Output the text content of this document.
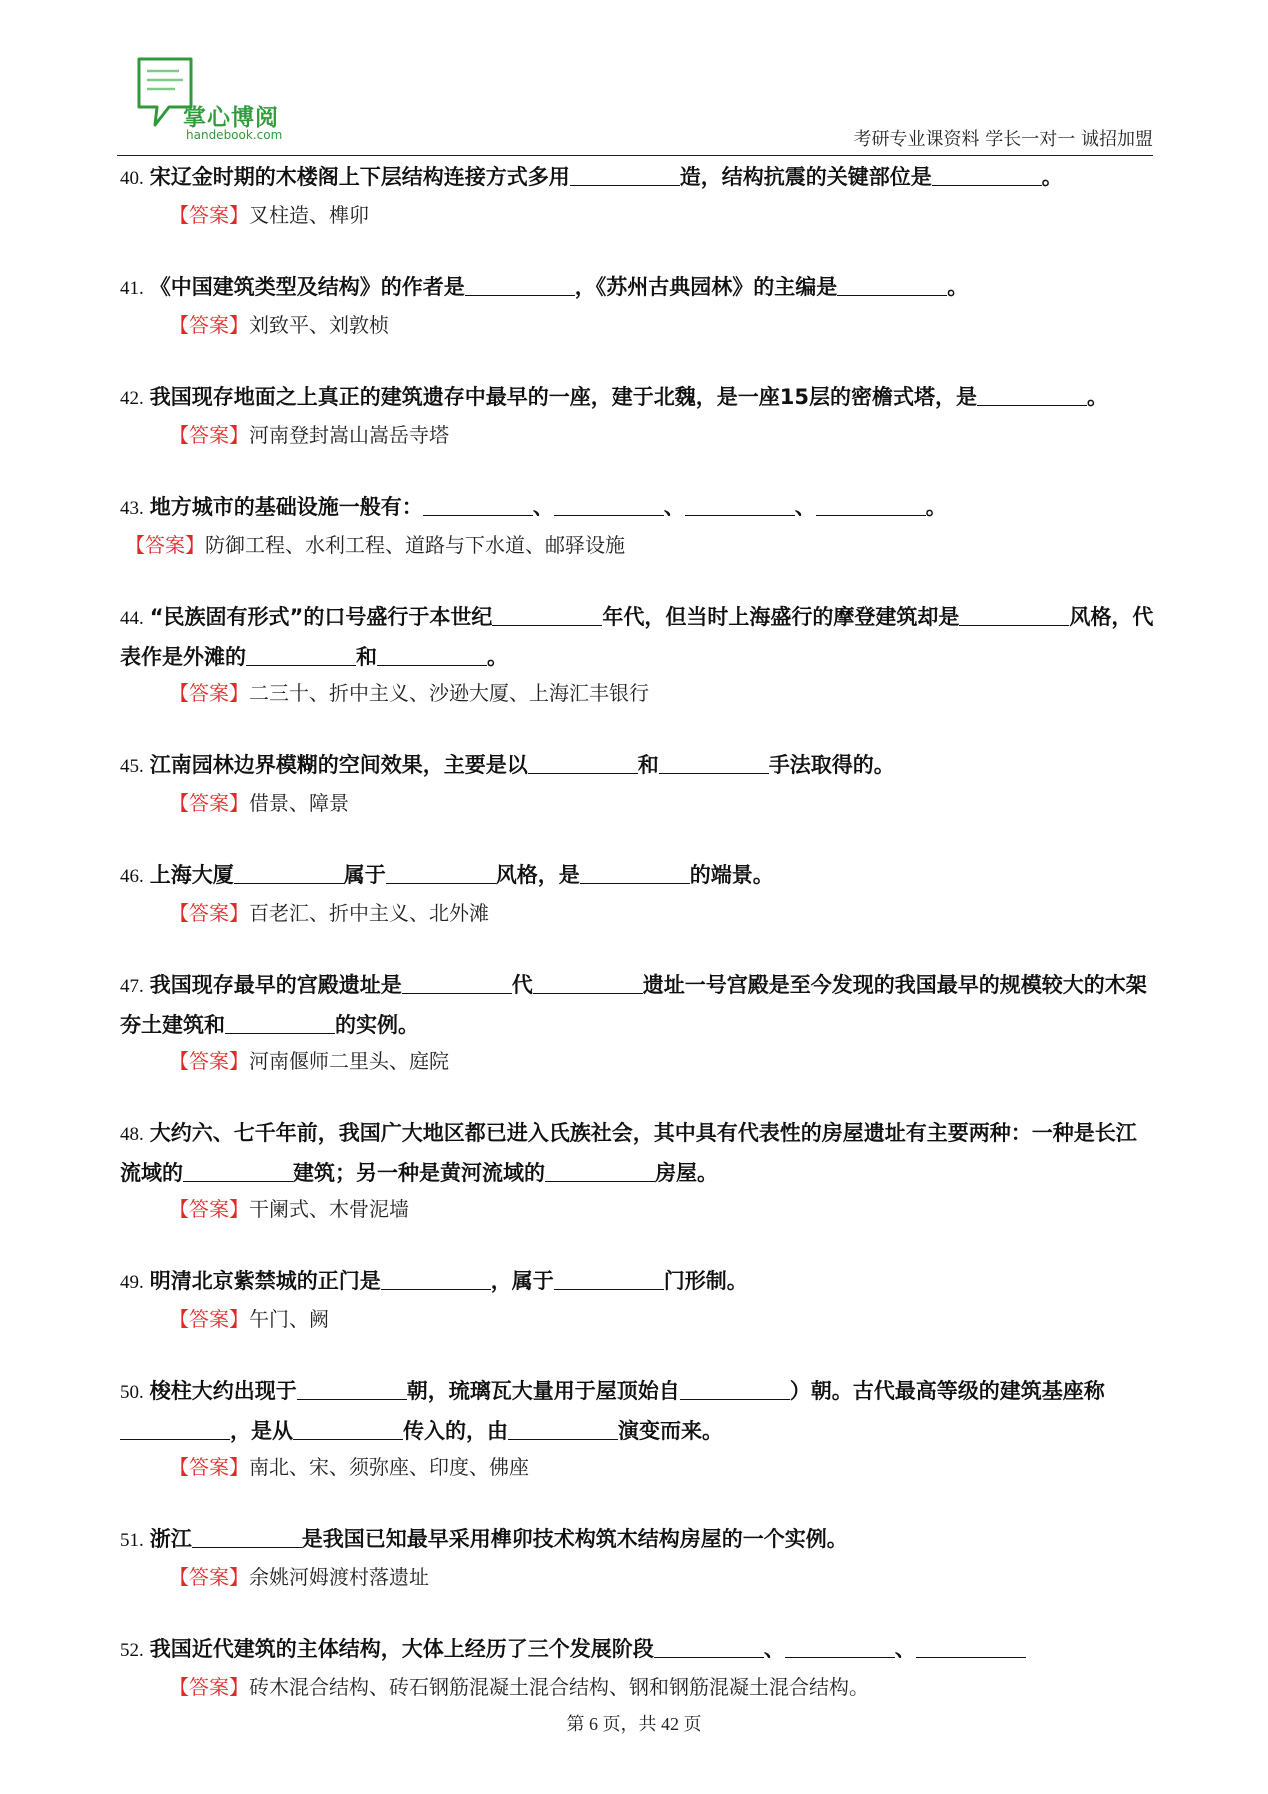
掌心博阅
handebook.com	考研专业课资料 学长一对一 诚招加盟
40. 宋辽金时期的木楼阁上下层结构连接方式多用	造，结构抗震的关键部位是	。
【答案】叉柱造、榫卯
41. 《中国建筑类型及结构》的作者是	，《苏州古典园林》的主编是	。
【答案】刘致平、刘敦桢
42. 我国现存地面之上真正的建筑遗存中最早的一座，建于北魏，是一座15层的密檐式塔，是	。
【答案】河南登封嵩山嵩岳寺塔
43. 地方城市的基础设施一般有：	、	、	、	。
【答案】防御工程、水利工程、道路与下水道、邮驿设施
44. “民族固有形式”的口号盛行于本世纪	年代，但当时上海盛行的摩登建筑却是	风格，代表作是外滩的	和	。
【答案】二三十、折中主义、沙逊大厦、上海汇丰银行
45. 江南园林边界模糊的空间效果，主要是以	和	手法取得的。
【答案】借景、障景
46. 上海大厦	属于	风格，是	的端景。
【答案】百老汇、折中主义、北外滩
47. 我国现存最早的宫殿遗址是	代	遗址一号宫殿是至今发现的我国最早的规模较大的木架夯土建筑和	的实例。
【答案】河南偃师二里头、庭院
48. 大约六、七千年前，我国广大地区都已进入氏族社会，其中具有代表性的房屋遗址有主要两种：一种是长江流域的	建筑；另一种是黄河流域的	房屋。
【答案】干阑式、木骨泥墙
49. 明清北京紫禁城的正门是	，属于	门形制。
【答案】午门、阙
50. 梭柱大约出现于	朝，琉璃瓦大量用于屋顶始自	）朝。古代最高等级的建筑基座称，是从	传入的，由	演变而来。
【答案】南北、宋、须弥座、印度、佛座
51. 浙江	是我国已知最早采用榫卯技术构筑木结构房屋的一个实例。
【答案】余姚河姆渡村落遗址
52. 我国近代建筑的主体结构，大体上经历了三个发展阶段	、	、
【答案】砖木混合结构、砖石钢筋混凝土混合结构、钢和钢筋混凝土混合结构。
第 6 页，共 42 页
